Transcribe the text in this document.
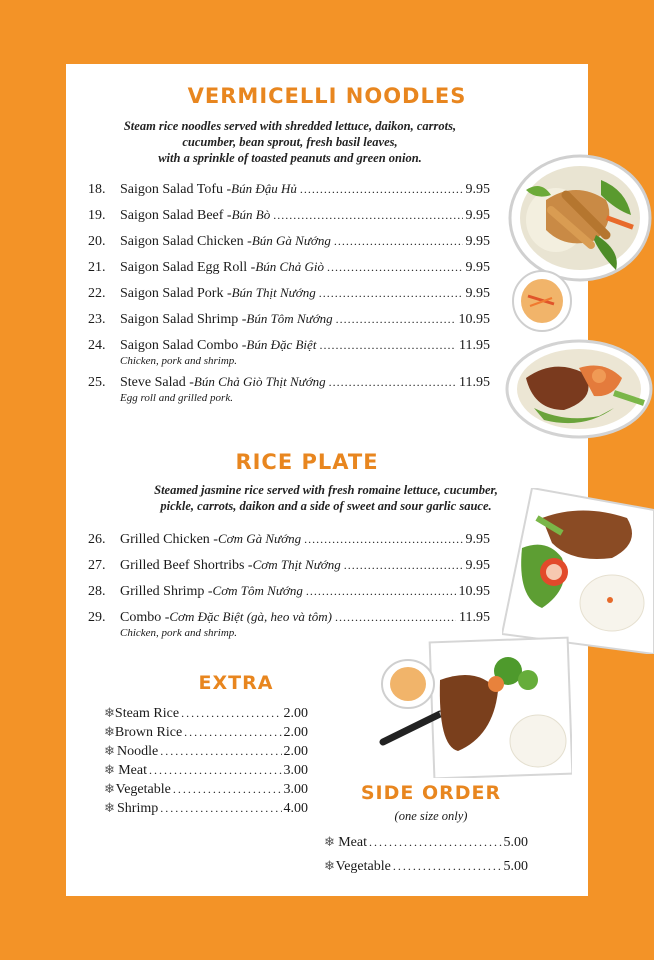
VERMICELLI NOODLES
Steam rice noodles served with shredded lettuce, daikon, carrots,
cucumber, bean sprout, fresh basil leaves,
with a sprinkle of toasted peanuts and green onion.
18.	Saigon Salad Tofu - Bún Đậu Hủ .....	9.95
19.	Saigon Salad Beef - Bún Bò .....	9.95
20.	Saigon Salad Chicken - Bún Gà Nướng .....	9.95
21.	Saigon Salad Egg Roll - Bún Chả Giò .....	9.95
22.	Saigon Salad Pork - Bún Thịt Nướng .....	9.95
23.	Saigon Salad Shrimp - Bún Tôm Nướng .....	10.95
24.	Saigon Salad Combo - Bún Đặc Biệt .....	11.95
Chicken, pork and shrimp.
25.	Steve Salad - Bún Chả Giò Thịt Nướng .....	11.95
Egg roll and grilled pork.
RICE PLATE
Steamed jasmine rice served with fresh romaine lettuce, cucumber,
pickle, carrots, daikon and a side of sweet and sour garlic sauce.
26.	Grilled Chicken - Cơm Gà Nướng .....	9.95
27.	Grilled Beef Shortribs - Cơm Thịt Nướng .....	9.95
28.	Grilled Shrimp - Cơm Tôm Nướng .....	10.95
29.	Combo - Cơm Đặc Biệt (gà, heo và tôm) .....	11.95
Chicken, pork and shrimp.
EXTRA
❄ Steam Rice .....	2.00
❄ Brown Rice .....	2.00
❄ Noodle .....	2.00
❄ Meat .....	3.00
❄ Vegetable .....	3.00
❄ Shrimp .....	4.00
SIDE ORDER
(one size only)
❄ Meat .....	5.00
❄ Vegetable .....	5.00
